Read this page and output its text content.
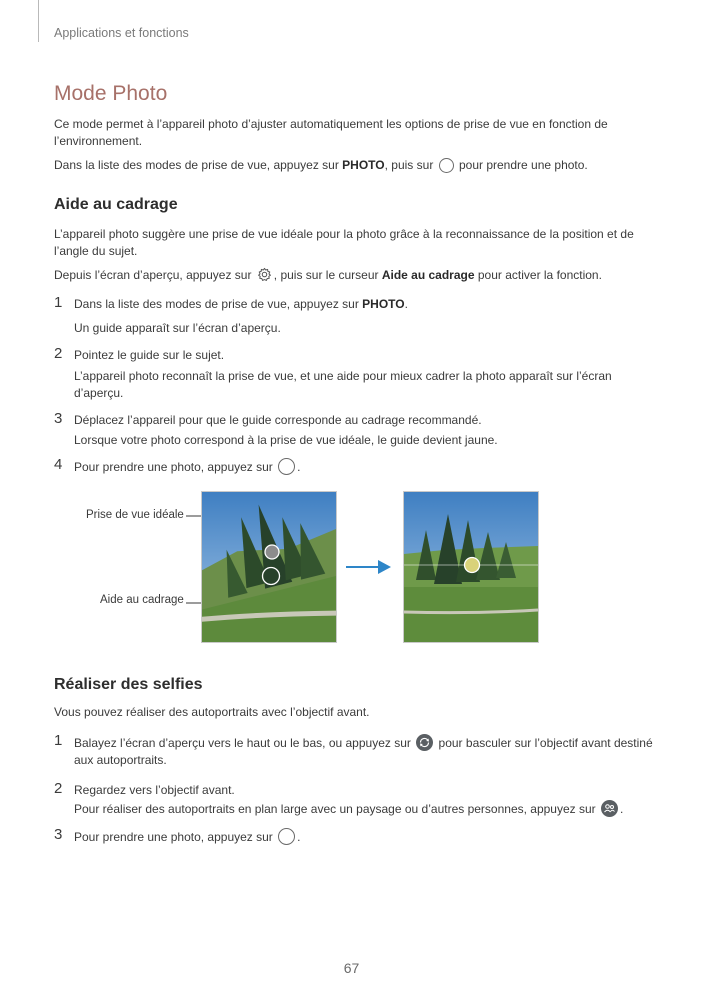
Applications et fonctions
Mode Photo
Ce mode permet à l’appareil photo d’ajuster automatiquement les options de prise de vue en fonction de l’environnement.
Dans la liste des modes de prise de vue, appuyez sur PHOTO, puis sur  pour prendre une photo.
Aide au cadrage
L’appareil photo suggère une prise de vue idéale pour la photo grâce à la reconnaissance de la position et de l’angle du sujet.
Depuis l’écran d’aperçu, appuyez sur , puis sur le curseur Aide au cadrage pour activer la fonction.
1 Dans la liste des modes de prise de vue, appuyez sur PHOTO.
Un guide apparaît sur l’écran d’aperçu.
2 Pointez le guide sur le sujet.
L’appareil photo reconnaît la prise de vue, et une aide pour mieux cadrer la photo apparaît sur l’écran d’aperçu.
3 Déplacez l’appareil pour que le guide corresponde au cadrage recommandé.
Lorsque votre photo correspond à la prise de vue idéale, le guide devient jaune.
4 Pour prendre une photo, appuyez sur .
Prise de vue idéale
Aide au cadrage
Réaliser des selfies
Vous pouvez réaliser des autoportraits avec l’objectif avant.
1 Balayez l’écran d’aperçu vers le haut ou le bas, ou appuyez sur
pour basculer sur l’objectif avant destiné aux autoportraits.
2 Regardez vers l’objectif avant.
Pour réaliser des autoportraits en plan large avec un paysage ou d’autres personnes, appuyez sur
.
3 Pour prendre une photo, appuyez sur .
67
